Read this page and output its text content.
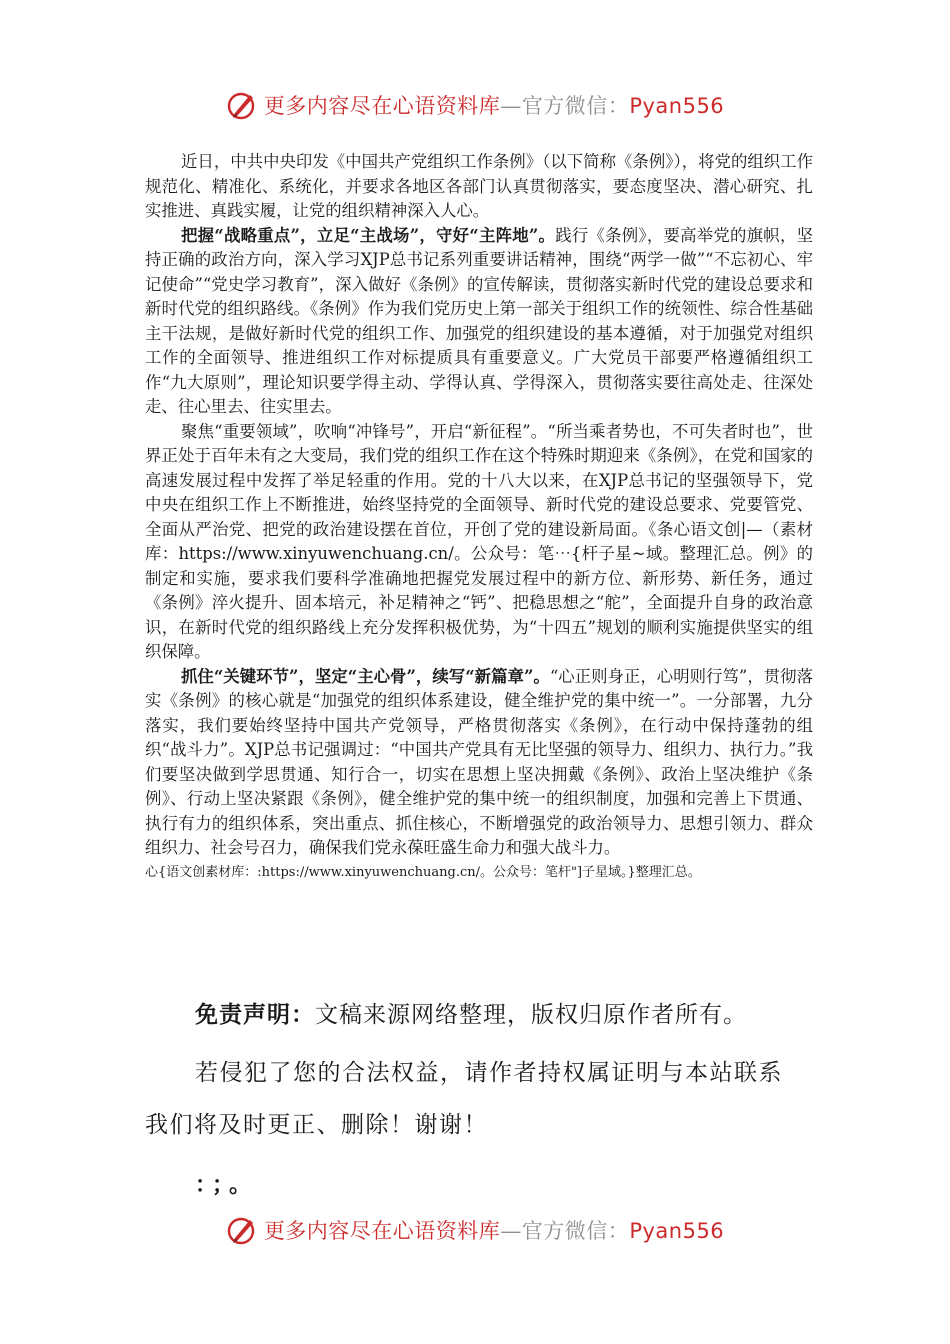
更多内容尽在心语资料库—官方微信：Pyan556

近日，中共中央印发《中国共产党组织工作条例》（以下简称《条例》），将党的组织工作规范化、精准化、系统化，并要求各地区各部门认真贯彻落实，要态度坚决、潜心研究、扎实推进、真践实履，让党的组织精神深入人心。

把握“战略重点”，立足“主战场”，守好“主阵地”。践行《条例》，要高举党的旗帜，坚持正确的政治方向，深入学习XJP总书记系列重要讲话精神，围绕“两学一做”“不忘初心、牢记使命”“党史学习教育”，深入做好《条例》的宣传解读，贯彻落实新时代党的建设总要求和新时代党的组织路线。《条例》作为我们党历史上第一部关于组织工作的统领性、综合性基础主干法规，是做好新时代党的组织工作、加强党的组织建设的基本遵循，对于加强党对组织工作的全面领导、推进组织工作对标提质具有重要意义。广大党员干部要严格遵循组织工作“九大原则”，理论知识要学得主动、学得认真、学得深入，贯彻落实要往高处走、往深处走、往心里去、往实里去。

聚焦“重要领域”，吹响“冲锋号”，开启“新征程”。“所当乘者势也，不可失者时也”，世界正处于百年未有之大变局，我们党的组织工作在这个特殊时期迎来《条例》，在党和国家的高速发展过程中发挥了举足轻重的作用。党的十八大以来，在XJP总书记的坚强领导下，党中央在组织工作上不断推进，始终坚持党的全面领导、新时代党的建设总要求、党要管党、全面从严治党、把党的政治建设摆在首位，开创了党的建设新局面。《条心语文创|—（素材库：https://www.xinyuwenchuang.cn/。公众号：笔⋯{杆子星~域。整理汇总。例》的制定和实施，要求我们要科学准确地把握党发展过程中的新方位、新形势、新任务，通过《条例》淬火提升、固本培元，补足精神之“钙”、把稳思想之“舵”，全面提升自身的政治意识，在新时代党的组织路线上充分发挥积极优势，为“十四五”规划的顺利实施提供坚实的组织保障。

抓住“关键环节”，坚定“主心骨”，续写“新篇章”。“心正则身正，心明则行笃”，贯彻落实《条例》的核心就是“加强党的组织体系建设，健全维护党的集中统一”。一分部署，九分落实，我们要始终坚持中国共产党领导，严格贯彻落实《条例》，在行动中保持蓬勃的组织“战斗力”。XJP总书记强调过：“中国共产党具有无比坚强的领导力、组织力、执行力。”我们要坚决做到学思贯通、知行合一，切实在思想上坚决拥戴《条例》、政治上坚决维护《条例》、行动上坚决紧跟《条例》，健全维护党的集中统一的组织制度，加强和完善上下贯通、执行有力的组织体系，突出重点、抓住核心，不断增强党的政治领导力、思想引领力、群众组织力、社会号召力，确保我们党永葆旺盛生命力和强大战斗力。

心{语文创素材库：:https://www.xinyuwenchuang.cn/。公众号：笔杆"]子星域。}整理汇总。

免责声明：文稿来源网络整理，版权归原作者所有。

若侵犯了您的合法权益，请作者持权属证明与本站联系

我们将及时更正、删除！谢谢！

：；。

更多内容尽在心语资料库—官方微信：Pyan556
